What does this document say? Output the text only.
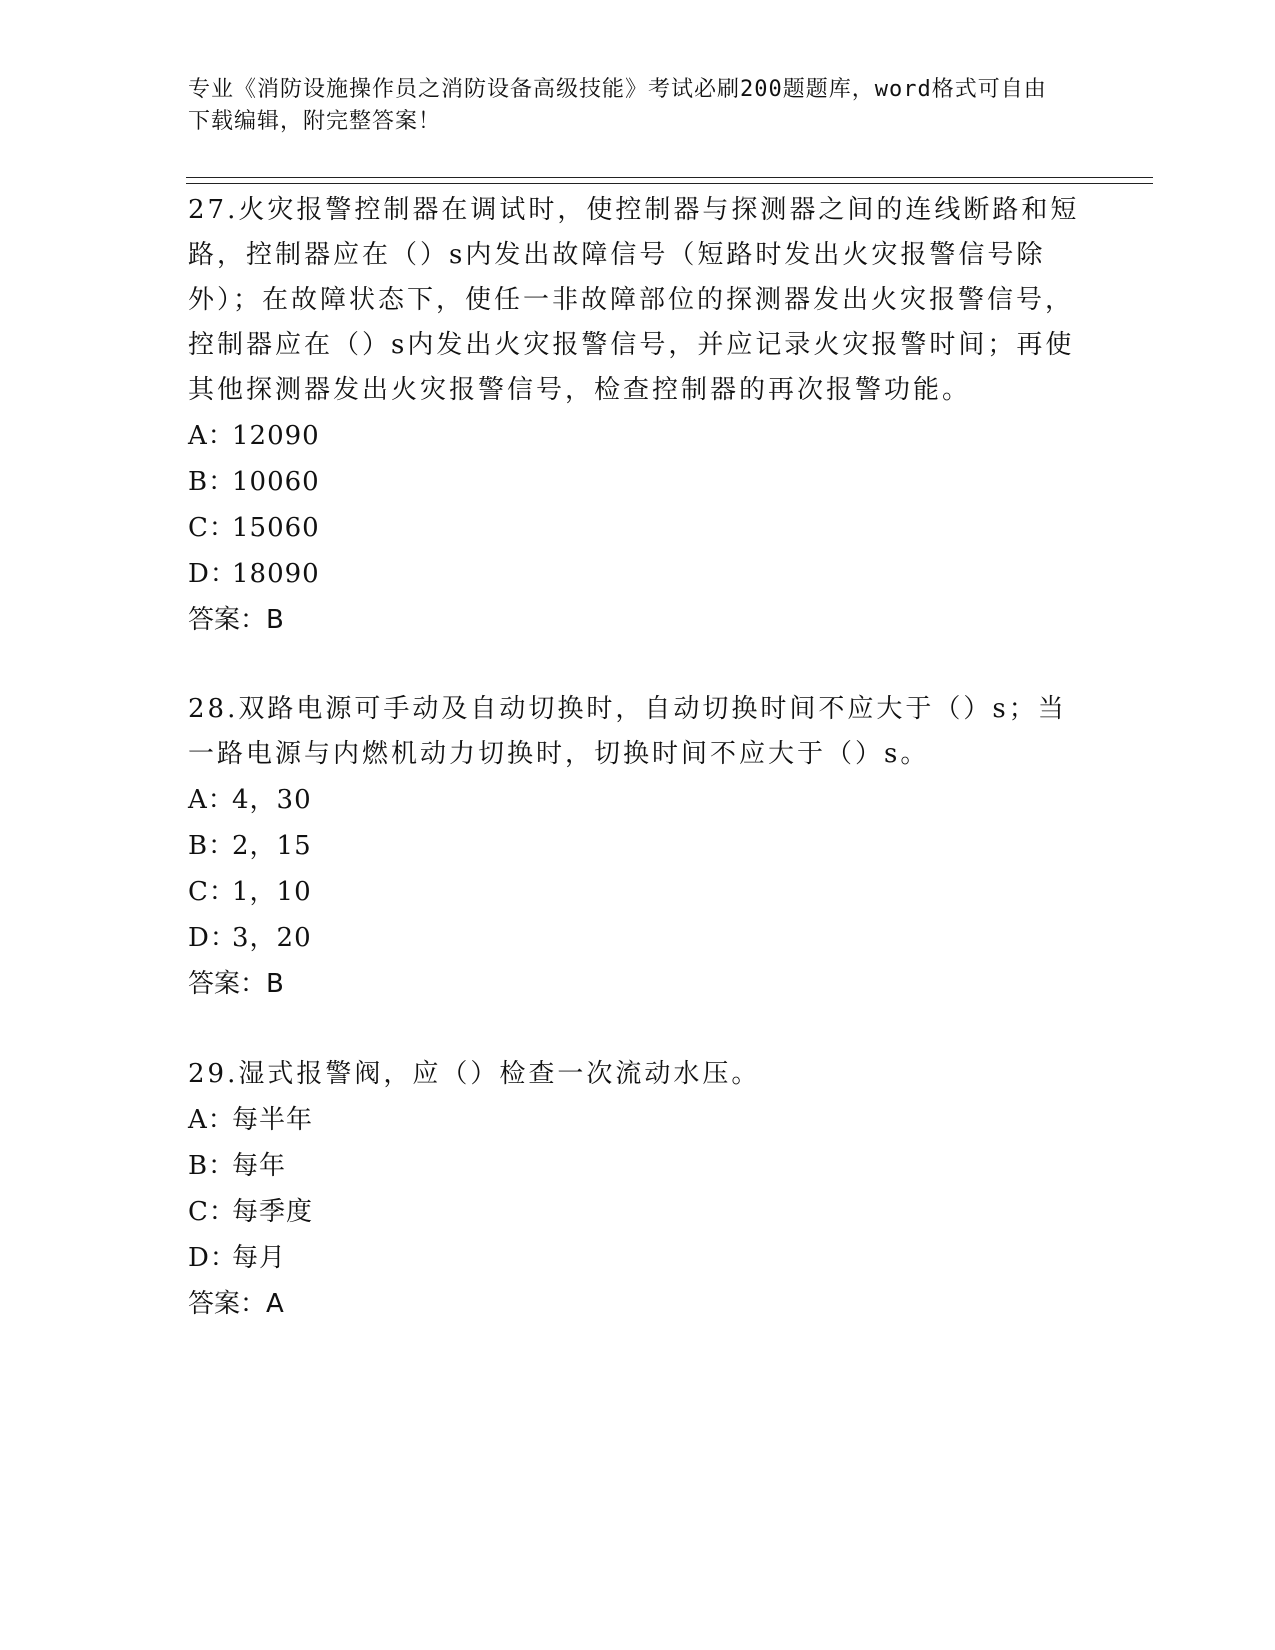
专业《消防设施操作员之消防设备高级技能》考试必刷200题题库，word格式可自由下载编辑，附完整答案！

27.火灾报警控制器在调试时，使控制器与探测器之间的连线断路和短路，控制器应在（）s内发出故障信号（短路时发出火灾报警信号除外）；在故障状态下，使任一非故障部位的探测器发出火灾报警信号，控制器应在（）s内发出火灾报警信号，并应记录火灾报警时间；再使其他探测器发出火灾报警信号，检查控制器的再次报警功能。

A：12090
B：10060
C：15060
D：18090
答案：B

28.双路电源可手动及自动切换时，自动切换时间不应大于（）s；当一路电源与内燃机动力切换时，切换时间不应大于（）s。

A：4，30
B：2，15
C：1，10
D：3，20
答案：B

29.湿式报警阀，应（）检查一次流动水压。

A：每半年
B：每年
C：每季度
D：每月
答案：A
